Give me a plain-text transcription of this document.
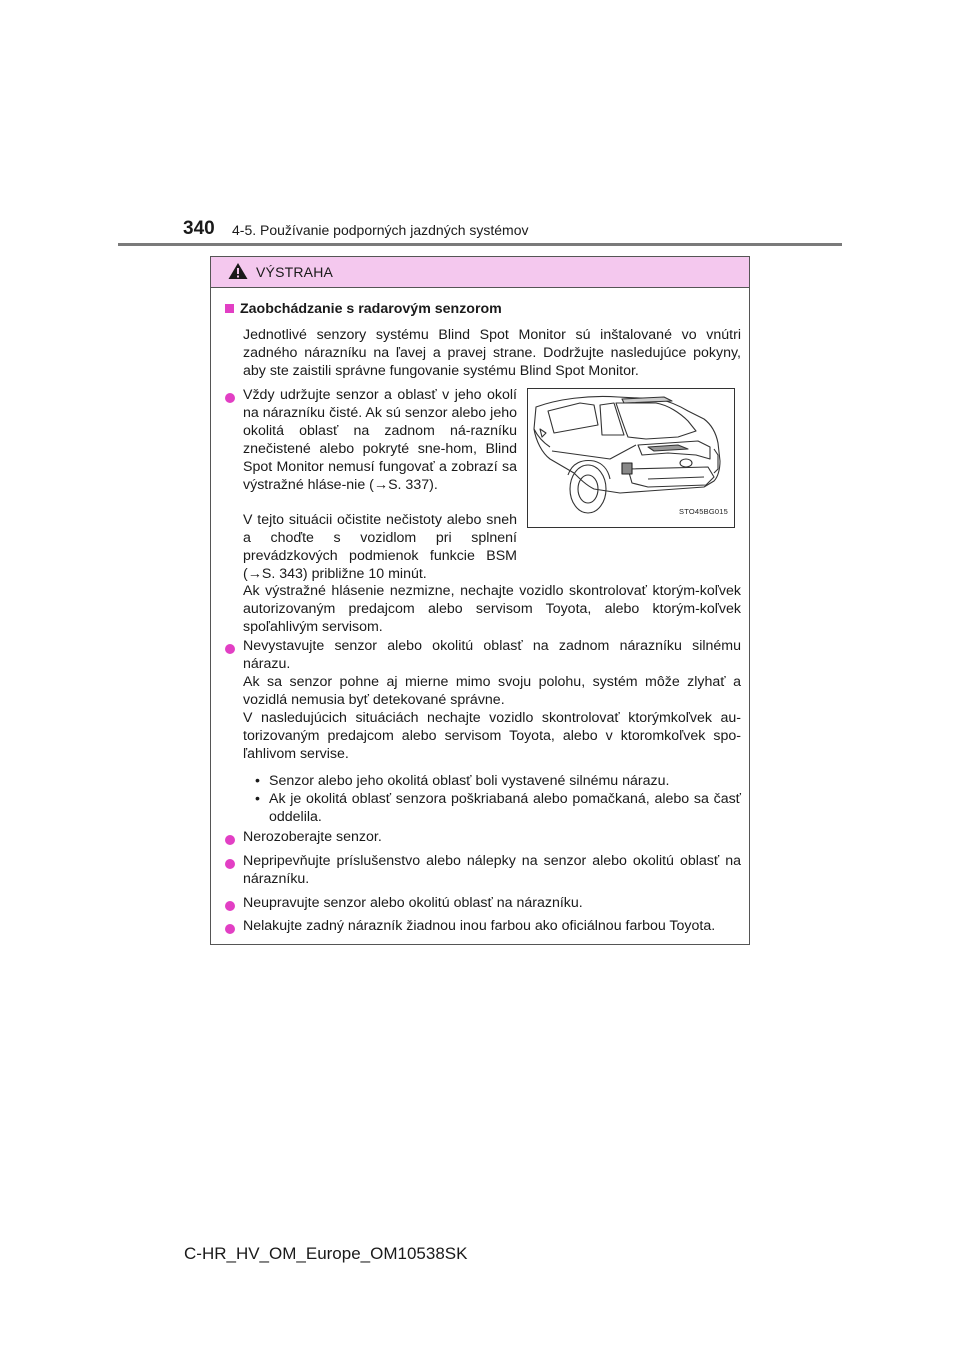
340 4-5. Používanie podporných jazdných systémov
VÝSTRAHA
Zaobchádzanie s radarovým senzorom
Jednotlivé senzory systému Blind Spot Monitor sú inštalované vo vnútri zadného nárazníku na ľavej a pravej strane. Dodržujte nasledujúce pokyny, aby ste zaistili správne fungovanie systému Blind Spot Monitor.
Vždy udržujte senzor a oblasť v jeho okolí na nárazníku čisté. Ak sú senzor alebo jeho okolitá oblasť na zadnom ná-razníku znečistené alebo pokryté sne-hom, Blind Spot Monitor nemusí fungovať a zobrazí sa výstražné hláse-nie (→S. 337).
V tejto situácii očistite nečistoty alebo sneh a choďte s vozidlom pri splnení prevádzkových podmienok funkcie BSM (→S. 343) približne 10 minút.
STO45BG015
Ak výstražné hlásenie nezmizne, nechajte vozidlo skontrolovať ktorým-koľvek autorizovaným predajcom alebo servisom Toyota, alebo ktorým-koľvek spoľahlivým servisom.
Nevystavujte senzor alebo okolitú oblasť na zadnom nárazníku silnému nárazu.
Ak sa senzor pohne aj mierne mimo svoju polohu, systém môže zlyhať a vozidlá nemusia byť detekované správne.
V nasledujúcich situáciách nechajte vozidlo skontrolovať ktorýmkoľvek au-torizovaným predajcom alebo servisom Toyota, alebo v ktoromkoľvek spo-ľahlivom servise.
• Senzor alebo jeho okolitá oblasť boli vystavené silnému nárazu.
• Ak je okolitá oblasť senzora poškriabaná alebo pomačkaná, alebo sa časť oddelila.
Nerozoberajte senzor.
Nepripevňujte príslušenstvo alebo nálepky na senzor alebo okolitú oblasť na nárazníku.
Neupravujte senzor alebo okolitú oblasť na nárazníku.
Nelakujte zadný nárazník žiadnou inou farbou ako oficiálnou farbou Toyota.
C-HR_HV_OM_Europe_OM10538SK
